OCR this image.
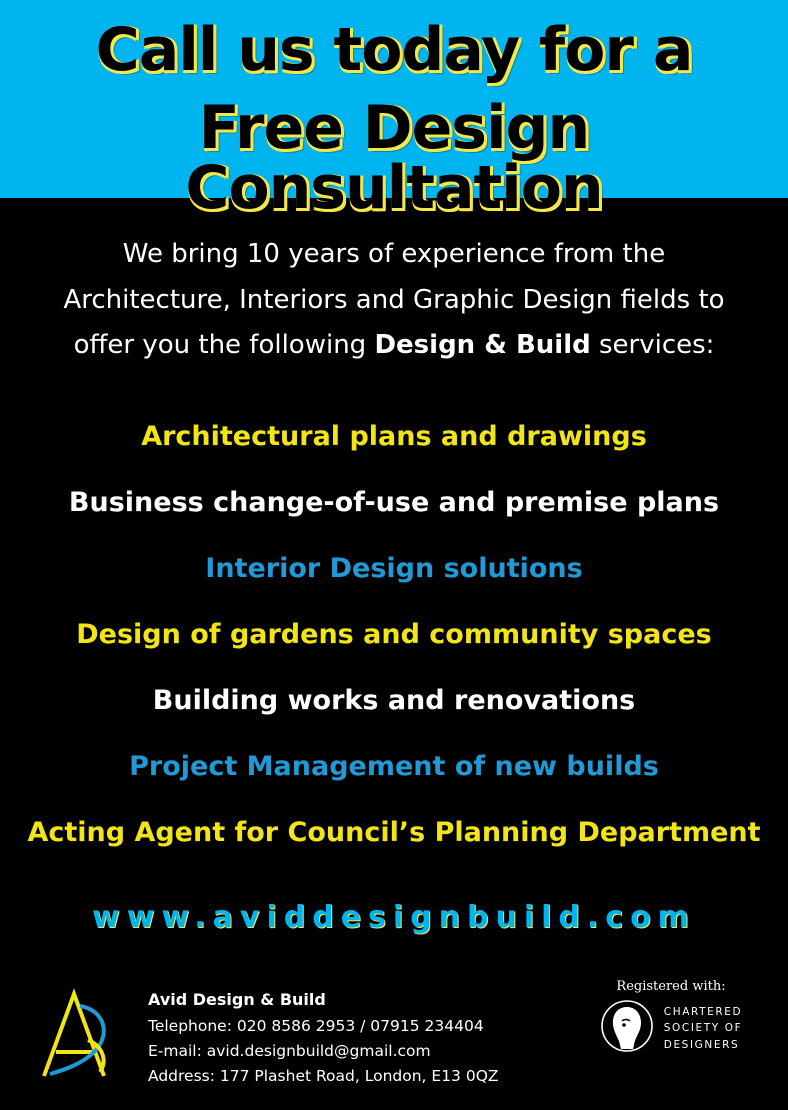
Call us today for a
Free Design Consultation
We bring 10 years of experience from the Architecture, Interiors and Graphic Design fields to offer you the following Design & Build services:
Architectural plans and drawings
Business change-of-use and premise plans
Interior Design solutions
Design of gardens and community spaces
Building works and renovations
Project Management of new builds
Acting Agent for Council’s Planning Department
www.aviddesignbuild.com
Avid Design & Build
Telephone: 020 8586 2953 / 07915 234404
E-mail: avid.designbuild@gmail.com
Address: 177 Plashet Road, London, E13 0QZ
Registered with:
CHARTERED
SOCIETY OF
DESIGNERS
